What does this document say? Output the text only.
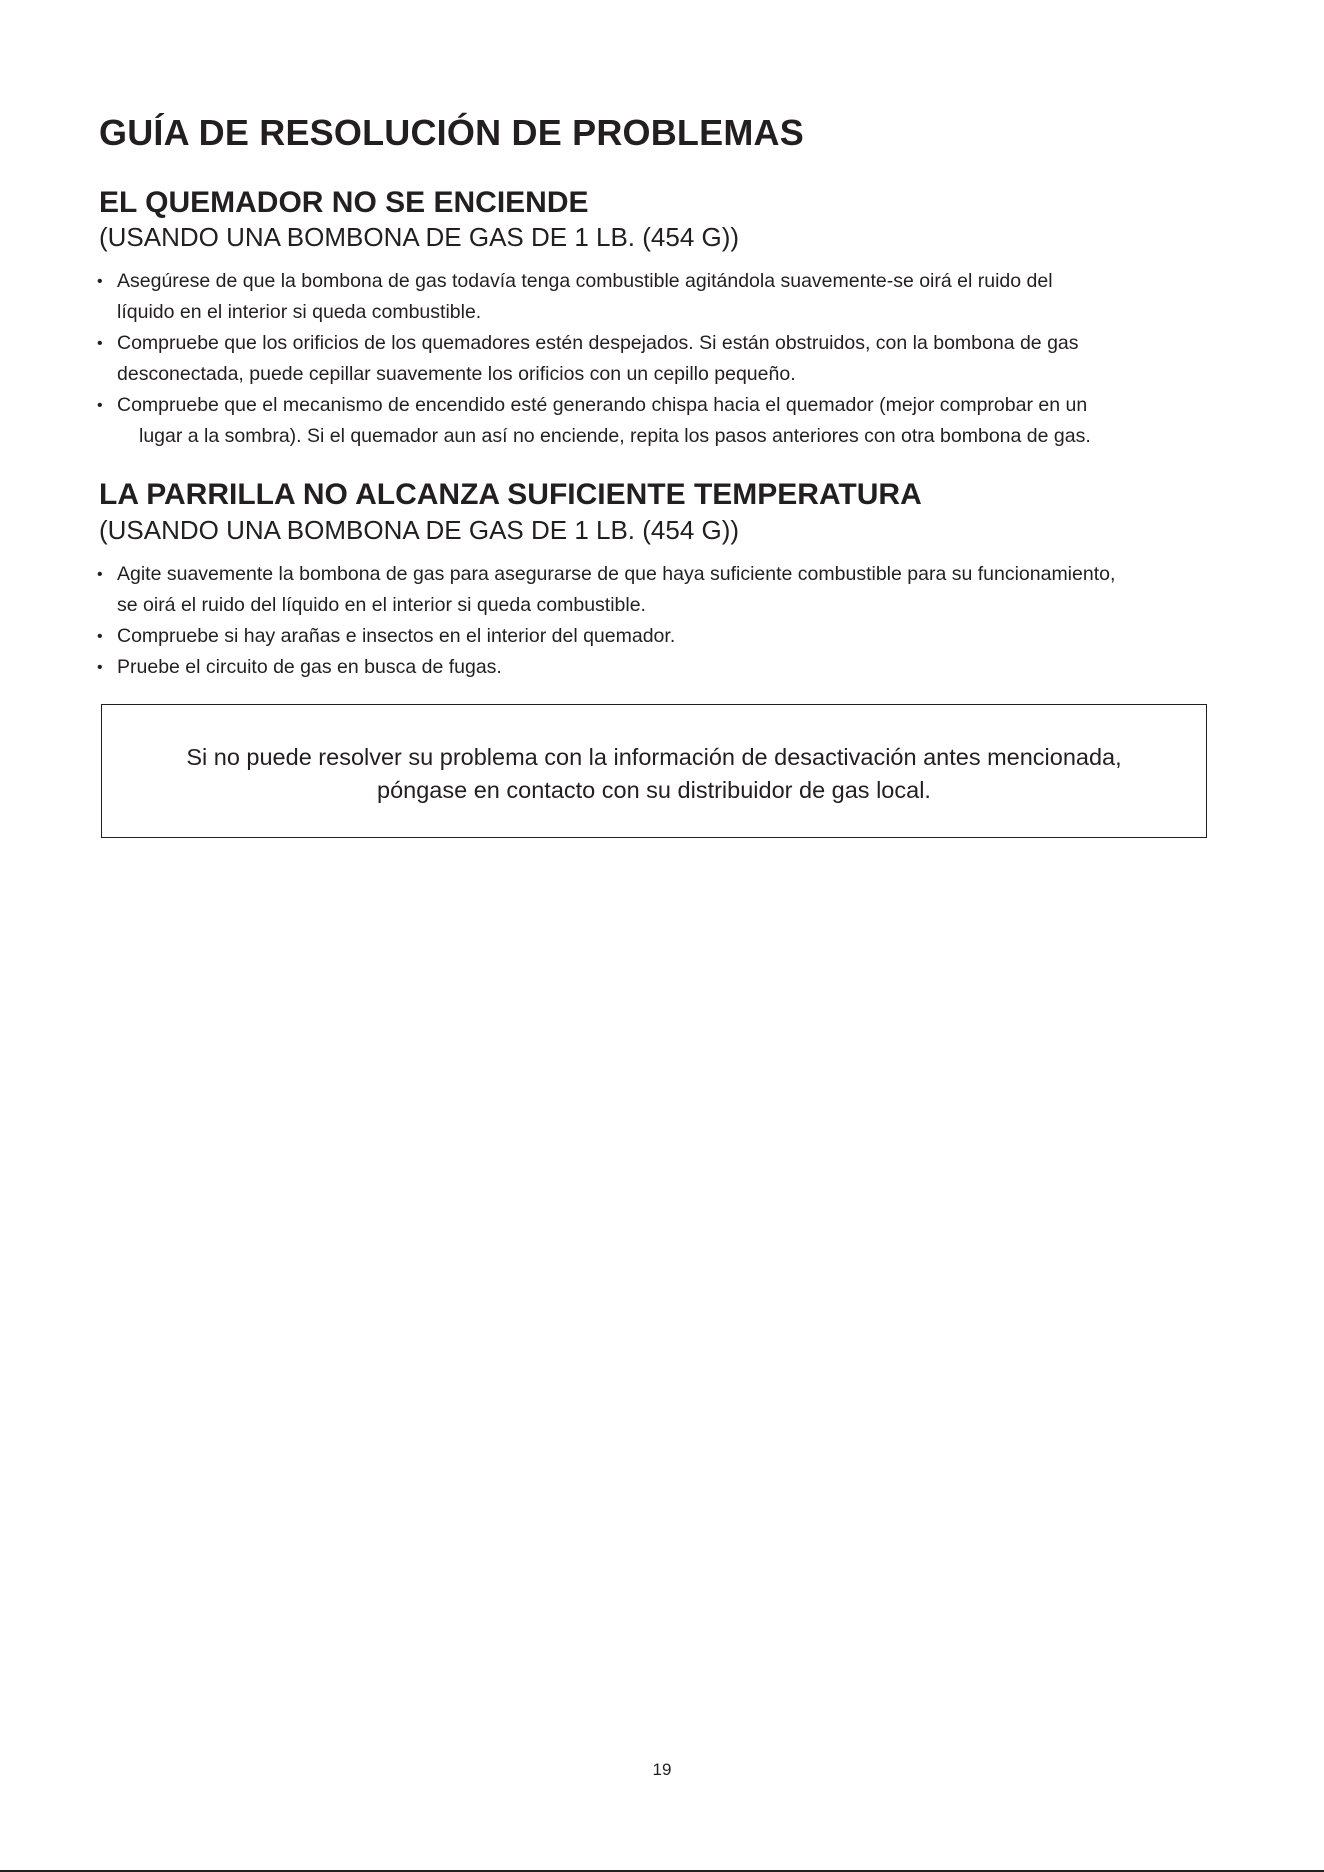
GUÍA DE RESOLUCIÓN DE PROBLEMAS
EL QUEMADOR NO SE ENCIENDE

(USANDO UNA BOMBONA DE GAS DE 1 LB. (454 G))

• Asegúrese de que la bombona de gas todavía tenga combustible agitándola suavemente-se oirá el ruido del
líquido en el interior si queda combustible.
• Compruebe que los orificios de los quemadores estén despejados. Si están obstruidos, con la bombona de gas
desconectada, puede cepillar suavemente los orificios con un cepillo pequeño.
• Compruebe que el mecanismo de encendido esté generando chispa hacia el quemador (mejor comprobar en un
lugar a la sombra). Si el quemador aun así no enciende, repita los pasos anteriores con otra bombona de gas.
LA PARRILLA NO ALCANZA SUFICIENTE TEMPERATURA

(USANDO UNA BOMBONA DE GAS DE 1 LB. (454 G))

• Agite suavemente la bombona de gas para asegurarse de que haya suficiente combustible para su funcionamiento,
se oirá el ruido del líquido en el interior si queda combustible.
• Compruebe si hay arañas e insectos en el interior del quemador.
• Pruebe el circuito de gas en busca de fugas.
Si no puede resolver su problema con la información de desactivación antes mencionada,
póngase en contacto con su distribuidor de gas local.
19
